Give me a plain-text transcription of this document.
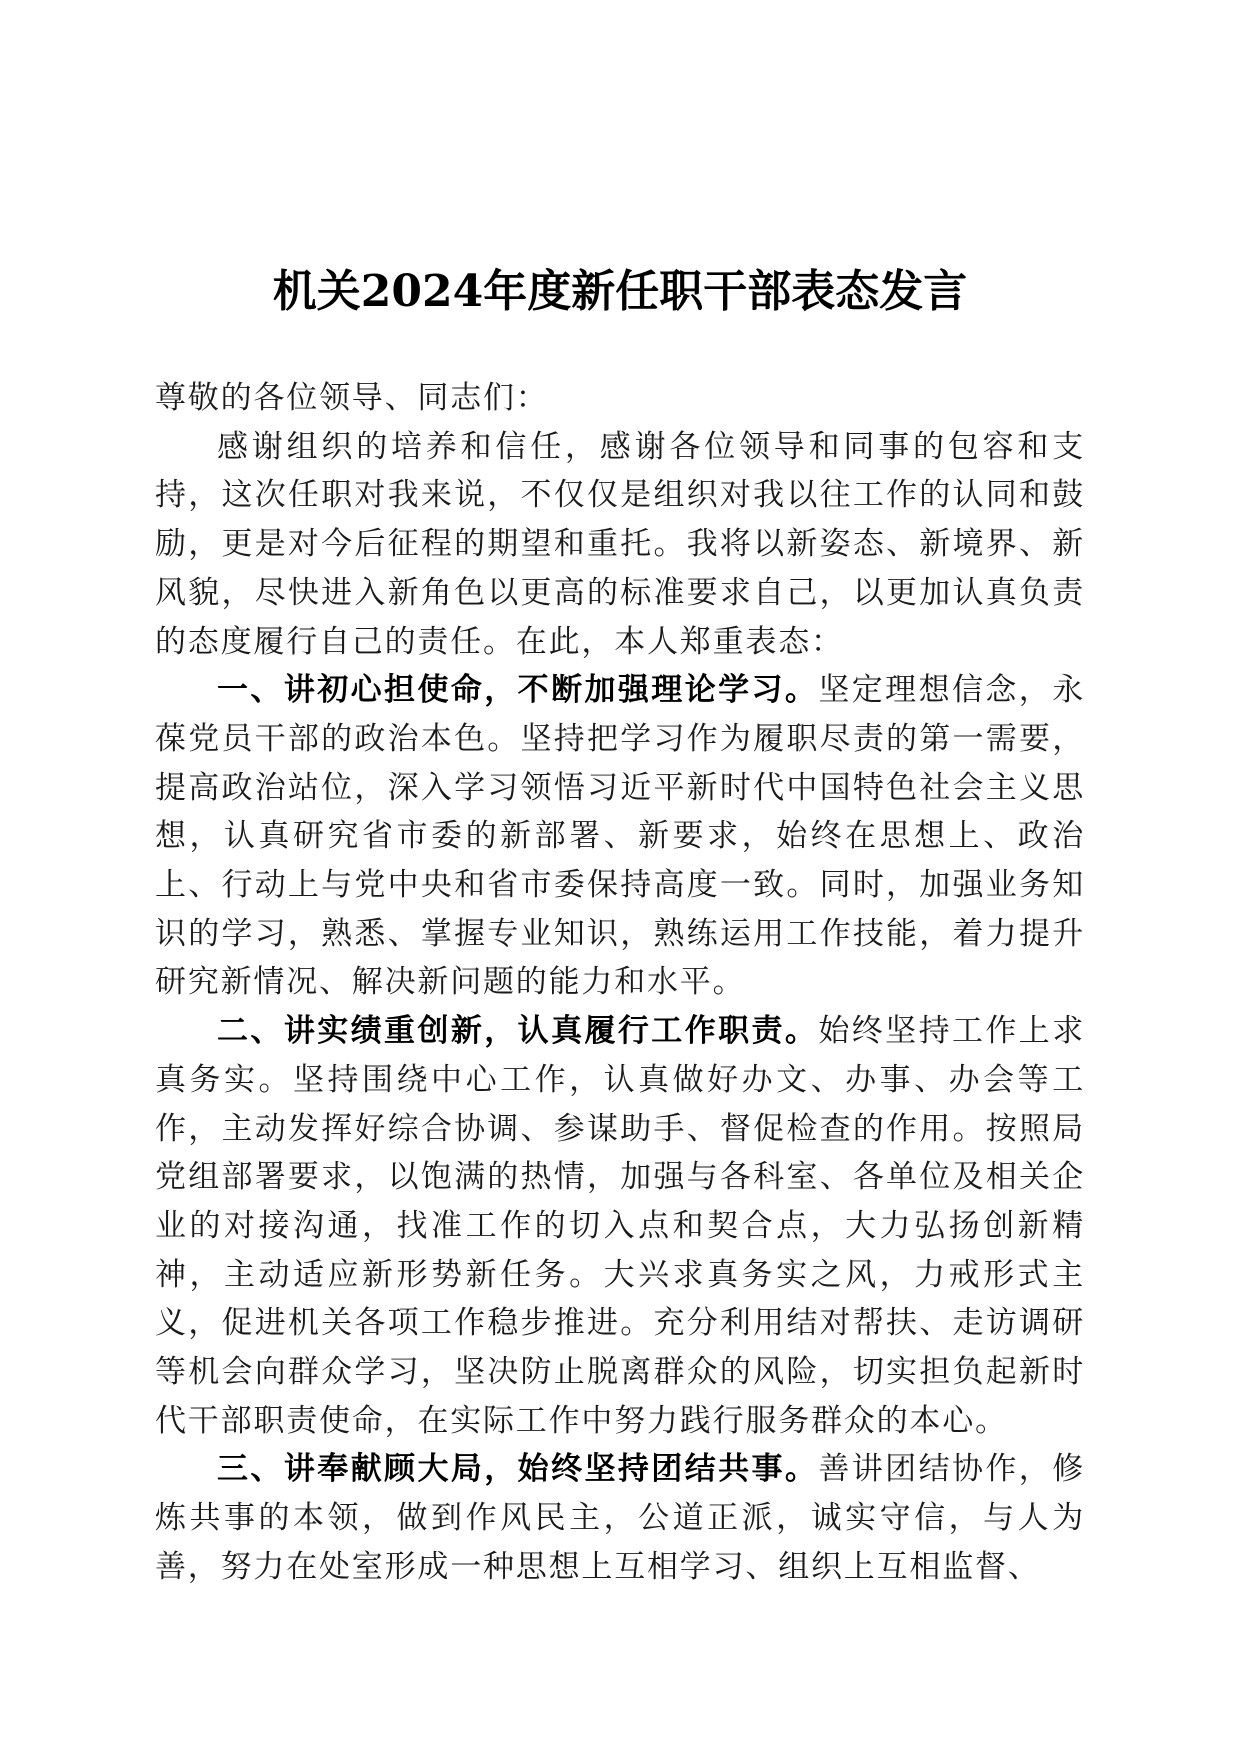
机关2024年度新任职干部表态发言

尊敬的各位领导、同志们：

感谢组织的培养和信任，感谢各位领导和同事的包容和支持，这次任职对我来说，不仅仅是组织对我以往工作的认同和鼓励，更是对今后征程的期望和重托。我将以新姿态、新境界、新风貌，尽快进入新角色以更高的标准要求自己，以更加认真负责的态度履行自己的责任。在此，本人郑重表态：

一、讲初心担使命，不断加强理论学习。坚定理想信念，永葆党员干部的政治本色。坚持把学习作为履职尽责的第一需要，提高政治站位，深入学习领悟习近平新时代中国特色社会主义思想，认真研究省市委的新部署、新要求，始终在思想上、政治上、行动上与党中央和省市委保持高度一致。同时，加强业务知识的学习，熟悉、掌握专业知识，熟练运用工作技能，着力提升研究新情况、解决新问题的能力和水平。

二、讲实绩重创新，认真履行工作职责。始终坚持工作上求真务实。坚持围绕中心工作，认真做好办文、办事、办会等工作，主动发挥好综合协调、参谋助手、督促检查的作用。按照局党组部署要求，以饱满的热情，加强与各科室、各单位及相关企业的对接沟通，找准工作的切入点和契合点，大力弘扬创新精神，主动适应新形势新任务。大兴求真务实之风，力戒形式主义，促进机关各项工作稳步推进。充分利用结对帮扶、走访调研等机会向群众学习，坚决防止脱离群众的风险，切实担负起新时代干部职责使命，在实际工作中努力践行服务群众的本心。

三、讲奉献顾大局，始终坚持团结共事。善讲团结协作，修炼共事的本领，做到作风民主，公道正派，诚实守信，与人为善，努力在处室形成一种思想上互相学习、组织上互相监督、
